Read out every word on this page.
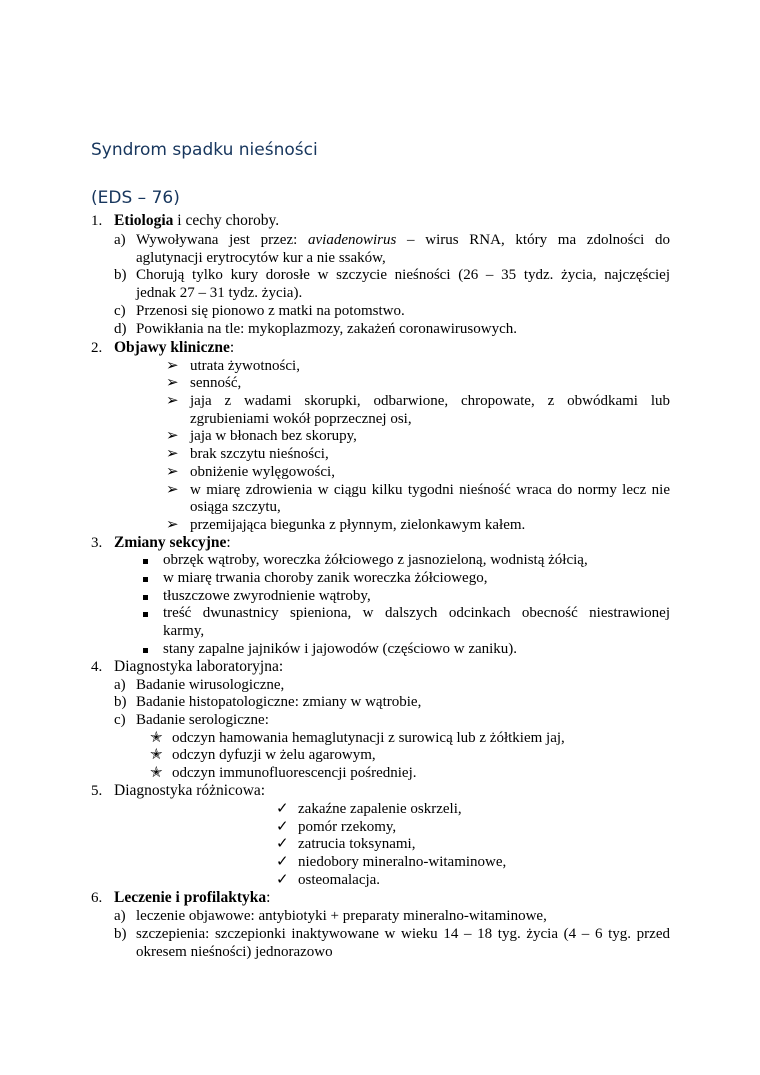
Syndrom spadku nieśności
(EDS – 76)
1. Etiologia i cechy choroby.
a) Wywoływana jest przez: aviadenowirus – wirus RNA, który ma zdolności do
aglutynacji erytrocytów kur a nie ssaków,
b) Chorują tylko kury dorosłe w szczycie nieśności (26 – 35 tydz. życia, najczęściej
jednak 27 – 31 tydz. życia).
c) Przenosi się pionowo z matki na potomstwo.
d) Powikłania na tle: mykoplazmozy, zakażeń coronawirusowych.
2. Objawy kliniczne:
➢ utrata żywotności,
➢ senność,
➢ jaja z wadami skorupki, odbarwione, chropowate, z obwódkami lub
zgrubieniami wokół poprzecznej osi,
➢ jaja w błonach bez skorupy,
➢ brak szczytu nieśności,
➢ obniżenie wylęgowości,
➢ w miarę zdrowienia w ciągu kilku tygodni nieśność wraca do normy lecz nie
osiąga szczytu,
➢ przemijająca biegunka z płynnym, zielonkawym kałem.
3. Zmiany sekcyjne:
obrzęk wątroby, woreczka żółciowego z jasnozieloną, wodnistą żółcią,
w miarę trwania choroby zanik woreczka żółciowego,
tłuszczowe zwyrodnienie wątroby,
treść dwunastnicy spieniona, w dalszych odcinkach obecność niestrawionej
karmy,
stany zapalne jajników i jajowodów (częściowo w zaniku).
4. Diagnostyka laboratoryjna:
a) Badanie wirusologiczne,
b) Badanie histopatologiczne: zmiany w wątrobie,
c) Badanie serologiczne:
✭ odczyn hamowania hemaglutynacji z surowicą lub z żółtkiem jaj,
✭ odczyn dyfuzji w żelu agarowym,
✭ odczyn immunofluorescencji pośredniej.
5. Diagnostyka różnicowa:
✓ zakaźne zapalenie oskrzeli,
✓ pomór rzekomy,
✓ zatrucia toksynami,
✓ niedobory mineralno-witaminowe,
✓ osteomalacja.
6. Leczenie i profilaktyka:
a) leczenie objawowe: antybiotyki + preparaty mineralno-witaminowe,
b) szczepienia: szczepionki inaktywowane w wieku 14 – 18 tyg. życia (4 – 6 tyg. przed
okresem nieśności) jednorazowo
